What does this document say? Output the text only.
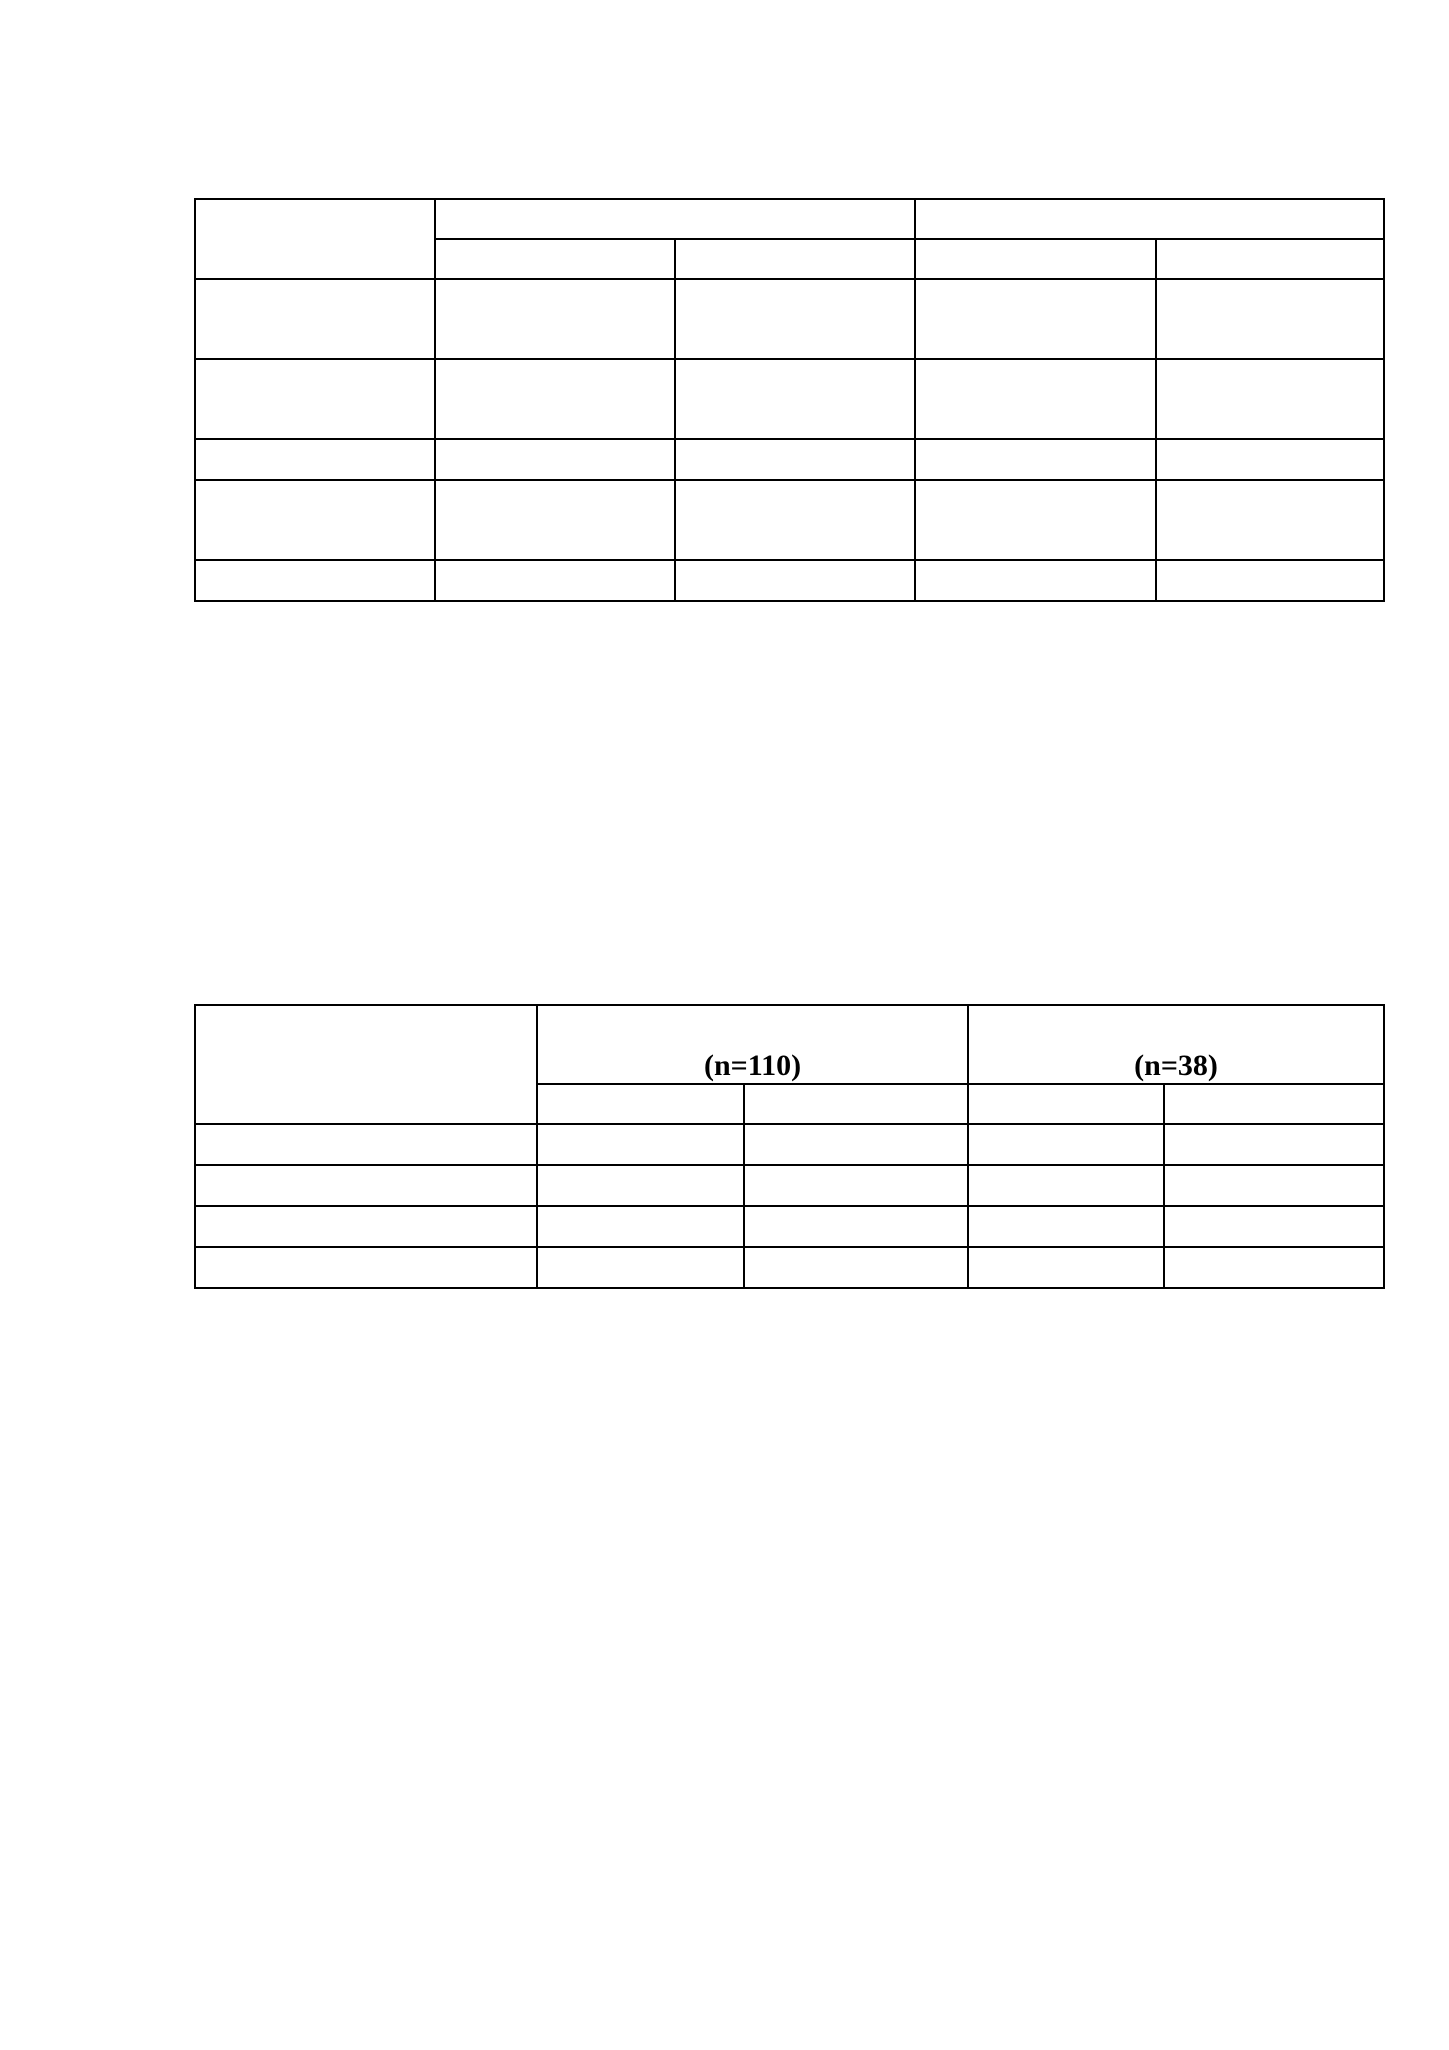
	(n=110)		(n=38)	
